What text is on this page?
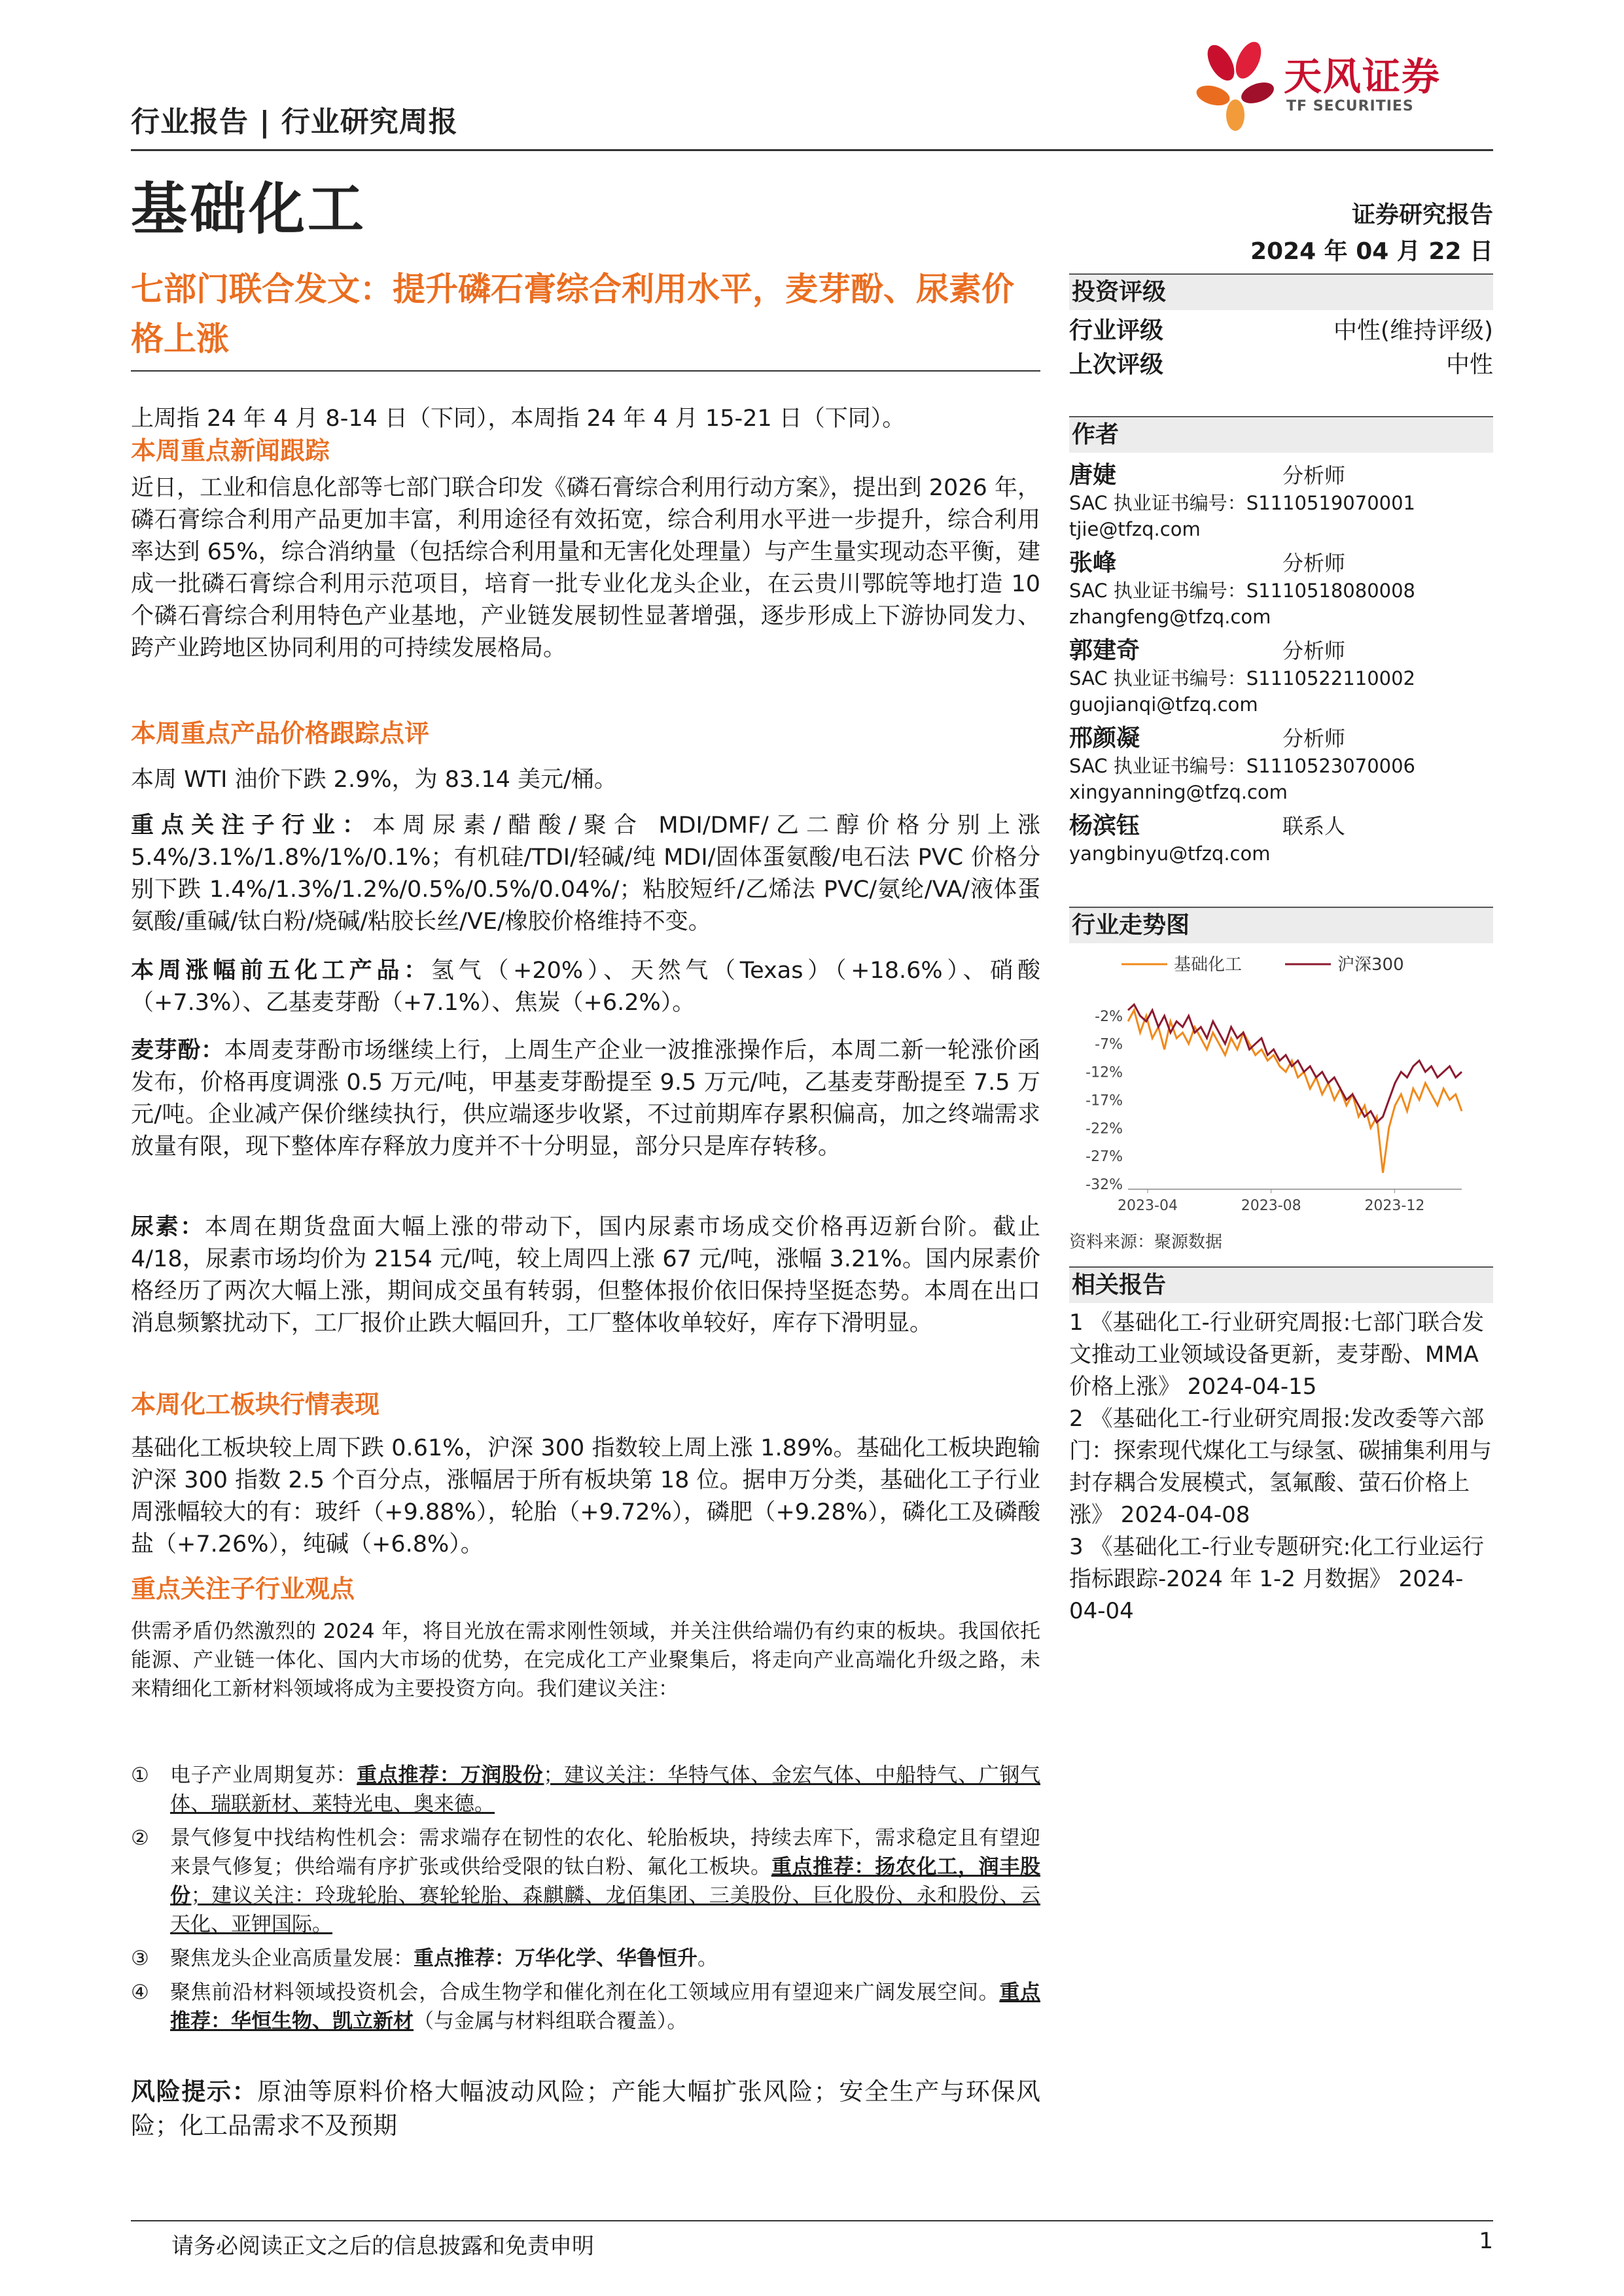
行业报告 | 行业研究周报
天风证券
TF SECURITIES
基础化工	证券研究报告
2024 年 04 月 22 日
七部门联合发文：提升磷石膏综合利用水平，麦芽酚、尿素价格上涨
上周指 24 年 4 月 8-14 日（下同），本周指 24 年 4 月 15-21 日（下同）。
本周重点新闻跟踪
近日，工业和信息化部等七部门联合印发《磷石膏综合利用行动方案》，提出到 2026 年，磷石膏综合利用产品更加丰富，利用途径有效拓宽，综合利用水平进一步提升，综合利用率达到 65%，综合消纳量（包括综合利用量和无害化处理量）与产生量实现动态平衡，建成一批磷石膏综合利用示范项目，培育一批专业化龙头企业，在云贵川鄂皖等地打造 10 个磷石膏综合利用特色产业基地，产业链发展韧性显著增强，逐步形成上下游协同发力、跨产业跨地区协同利用的可持续发展格局。
本周重点产品价格跟踪点评
本周 WTI 油价下跌 2.9%，为 83.14 美元/桶。
重点关注子行业：本周尿素/醋酸/聚合 MDI/DMF/乙二醇价格分别上涨 5.4%/3.1%/1.8%/1%/0.1%；有机硅/TDI/轻碱/纯 MDI/固体蛋氨酸/电石法 PVC 价格分别下跌 1.4%/1.3%/1.2%/0.5%/0.5%/0.04%/；粘胶短纤/乙烯法 PVC/氨纶/VA/液体蛋氨酸/重碱/钛白粉/烧碱/粘胶长丝/VE/橡胶价格维持不变。
本周涨幅前五化工产品：氢气（+20%）、天然气（Texas）（+18.6%）、硝酸（+7.3%）、乙基麦芽酚（+7.1%）、焦炭（+6.2%）。
麦芽酚：本周麦芽酚市场继续上行，上周生产企业一波推涨操作后，本周二新一轮涨价函发布，价格再度调涨 0.5 万元/吨，甲基麦芽酚提至 9.5 万元/吨，乙基麦芽酚提至 7.5 万元/吨。企业减产保价继续执行，供应端逐步收紧，不过前期库存累积偏高，加之终端需求放量有限，现下整体库存释放力度并不十分明显，部分只是库存转移。
尿素：本周在期货盘面大幅上涨的带动下，国内尿素市场成交价格再迈新台阶。截止 4/18，尿素市场均价为 2154 元/吨，较上周四上涨 67 元/吨，涨幅 3.21%。国内尿素价格经历了两次大幅上涨，期间成交虽有转弱，但整体报价依旧保持坚挺态势。本周在出口消息频繁扰动下，工厂报价止跌大幅回升，工厂整体收单较好，库存下滑明显。
本周化工板块行情表现
基础化工板块较上周下跌 0.61%，沪深 300 指数较上周上涨 1.89%。基础化工板块跑输沪深 300 指数 2.5 个百分点，涨幅居于所有板块第 18 位。据申万分类，基础化工子行业周涨幅较大的有：玻纤（+9.88%），轮胎（+9.72%），磷肥（+9.28%），磷化工及磷酸盐（+7.26%），纯碱（+6.8%）。
重点关注子行业观点
供需矛盾仍然激烈的 2024 年，将目光放在需求刚性领域，并关注供给端仍有约束的板块。我国依托能源、产业链一体化、国内大市场的优势，在完成化工产业聚集后，将走向产业高端化升级之路，未来精细化工新材料领域将成为主要投资方向。我们建议关注：
①	电子产业周期复苏：重点推荐：万润股份；建议关注：华特气体、金宏气体、中船特气、广钢气体、瑞联新材、莱特光电、奥来德。
②	景气修复中找结构性机会：需求端存在韧性的农化、轮胎板块，持续去库下，需求稳定且有望迎来景气修复；供给端有序扩张或供给受限的钛白粉、氟化工板块。重点推荐：扬农化工，润丰股份；建议关注：玲珑轮胎、赛轮轮胎、森麒麟、龙佰集团、三美股份、巨化股份、永和股份、云天化、亚钾国际。
③	聚焦龙头企业高质量发展：重点推荐：万华化学、华鲁恒升。
④	聚焦前沿材料领域投资机会，合成生物学和催化剂在化工领域应用有望迎来广阔发展空间。重点推荐：华恒生物、凯立新材（与金属与材料组联合覆盖）。
风险提示：原油等原料价格大幅波动风险；产能大幅扩张风险；安全生产与环保风险；化工品需求不及预期
投资评级
行业评级	中性(维持评级)
上次评级	中性
作者
唐婕	分析师
SAC 执业证书编号：S1110519070001
tjie@tfzq.com
张峰	分析师
SAC 执业证书编号：S1110518080008
zhangfeng@tfzq.com
郭建奇	分析师
SAC 执业证书编号：S1110522110002
guojianqi@tfzq.com
邢颜凝	分析师
SAC 执业证书编号：S1110523070006
xingyanning@tfzq.com
杨滨钰	联系人
yangbinyu@tfzq.com
行业走势图
基础化工	沪深300
-2%
-7%
-12%
-17%
-22%
-27%
-32%
2023-04	2023-08	2023-12
资料来源：聚源数据
相关报告
1 《基础化工-行业研究周报:七部门联合发文推动工业领域设备更新，麦芽酚、MMA 价格上涨》 2024-04-15
2 《基础化工-行业研究周报:发改委等六部门：探索现代煤化工与绿氢、碳捕集利用与封存耦合发展模式，氢氟酸、萤石价格上涨》 2024-04-08
3 《基础化工-行业专题研究:化工行业运行指标跟踪-2024 年 1-2 月数据》 2024-04-04
请务必阅读正文之后的信息披露和免责申明	1
